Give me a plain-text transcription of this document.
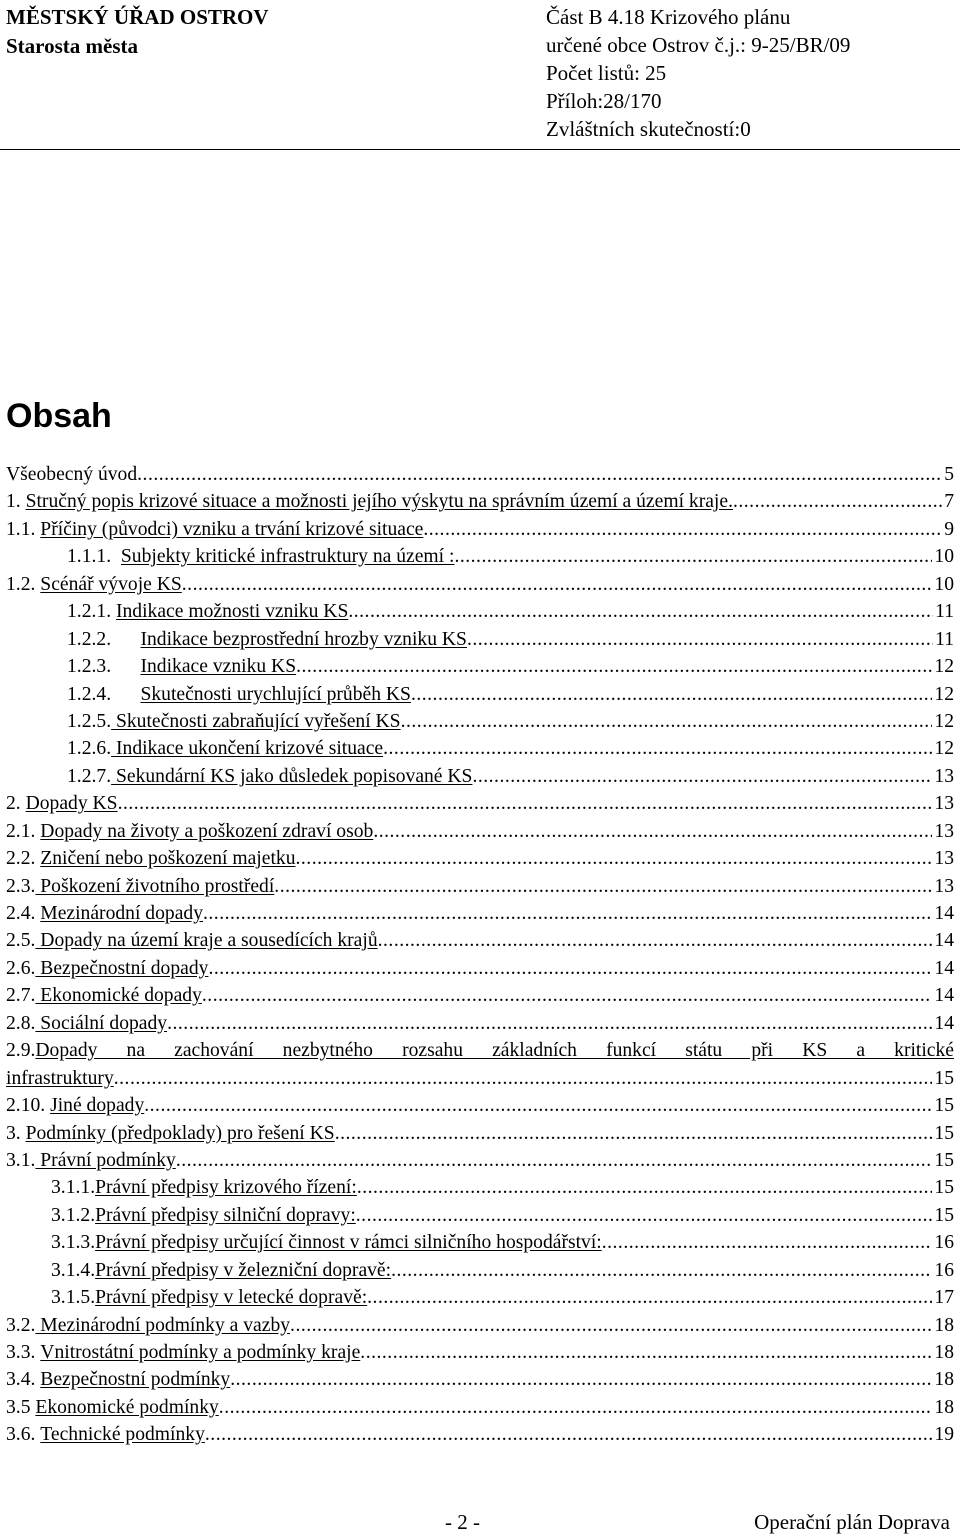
MĚSTSKÝ ÚŘAD OSTROV
Starosta města
Část B 4.18 Krizového plánu
určené obce Ostrov č.j.: 9-25/BR/09
Počet listů: 25
Příloh:28/170
Zvláštních skutečností:0
Obsah
Všeobecný úvod .....	5
1. Stručný popis krizové situace a možnosti jejího výskytu na správním území a území kraje. .....	7
1.1. Příčiny (původci) vzniku a trvání krizové situace .....	9
1.1.1. Subjekty kritické infrastruktury na území : .....	10
1.2. Scénář vývoje KS .....	10
1.2.1. Indikace možnosti vzniku KS .....	11
1.2.2. Indikace bezprostřední hrozby vzniku KS .....	11
1.2.3. Indikace vzniku KS .....	12
1.2.4. Skutečnosti urychlující průběh KS .....	12
1.2.5. Skutečnosti zabraňující vyřešení KS .....	12
1.2.6. Indikace ukončení krizové situace .....	12
1.2.7. Sekundární KS jako důsledek popisované KS .....	13
2. Dopady KS .....	13
2.1. Dopady na životy a poškození zdraví osob .....	13
2.2. Zničení nebo poškození majetku .....	13
2.3. Poškození životního prostředí .....	13
2.4. Mezinárodní dopady .....	14
2.5. Dopady na území kraje a sousedících krajů .....	14
2.6. Bezpečnostní dopady .....	14
2.7. Ekonomické dopady .....	14
2.8. Sociální dopady .....	14
2.9. Dopady na zachování nezbytného rozsahu základních funkcí státu při KS a kritické
infrastruktury .....	15
2.10. Jiné dopady .....	15
3. Podmínky (předpoklady) pro řešení KS .....	15
3.1. Právní podmínky .....	15
3.1.1. Právní předpisy krizového řízení: .....	15
3.1.2. Právní předpisy silniční dopravy: .....	15
3.1.3. Právní předpisy určující činnost v rámci silničního hospodářství: .....	16
3.1.4. Právní předpisy v železniční dopravě: .....	16
3.1.5. Právní předpisy v letecké dopravě: .....	17
3.2. Mezinárodní podmínky a vazby .....	18
3.3. Vnitrostátní podmínky a podmínky kraje .....	18
3.4. Bezpečnostní podmínky .....	18
3.5 Ekonomické podmínky .....	18
3.6. Technické podmínky .....	19
- 2 -	Operační plán Doprava
